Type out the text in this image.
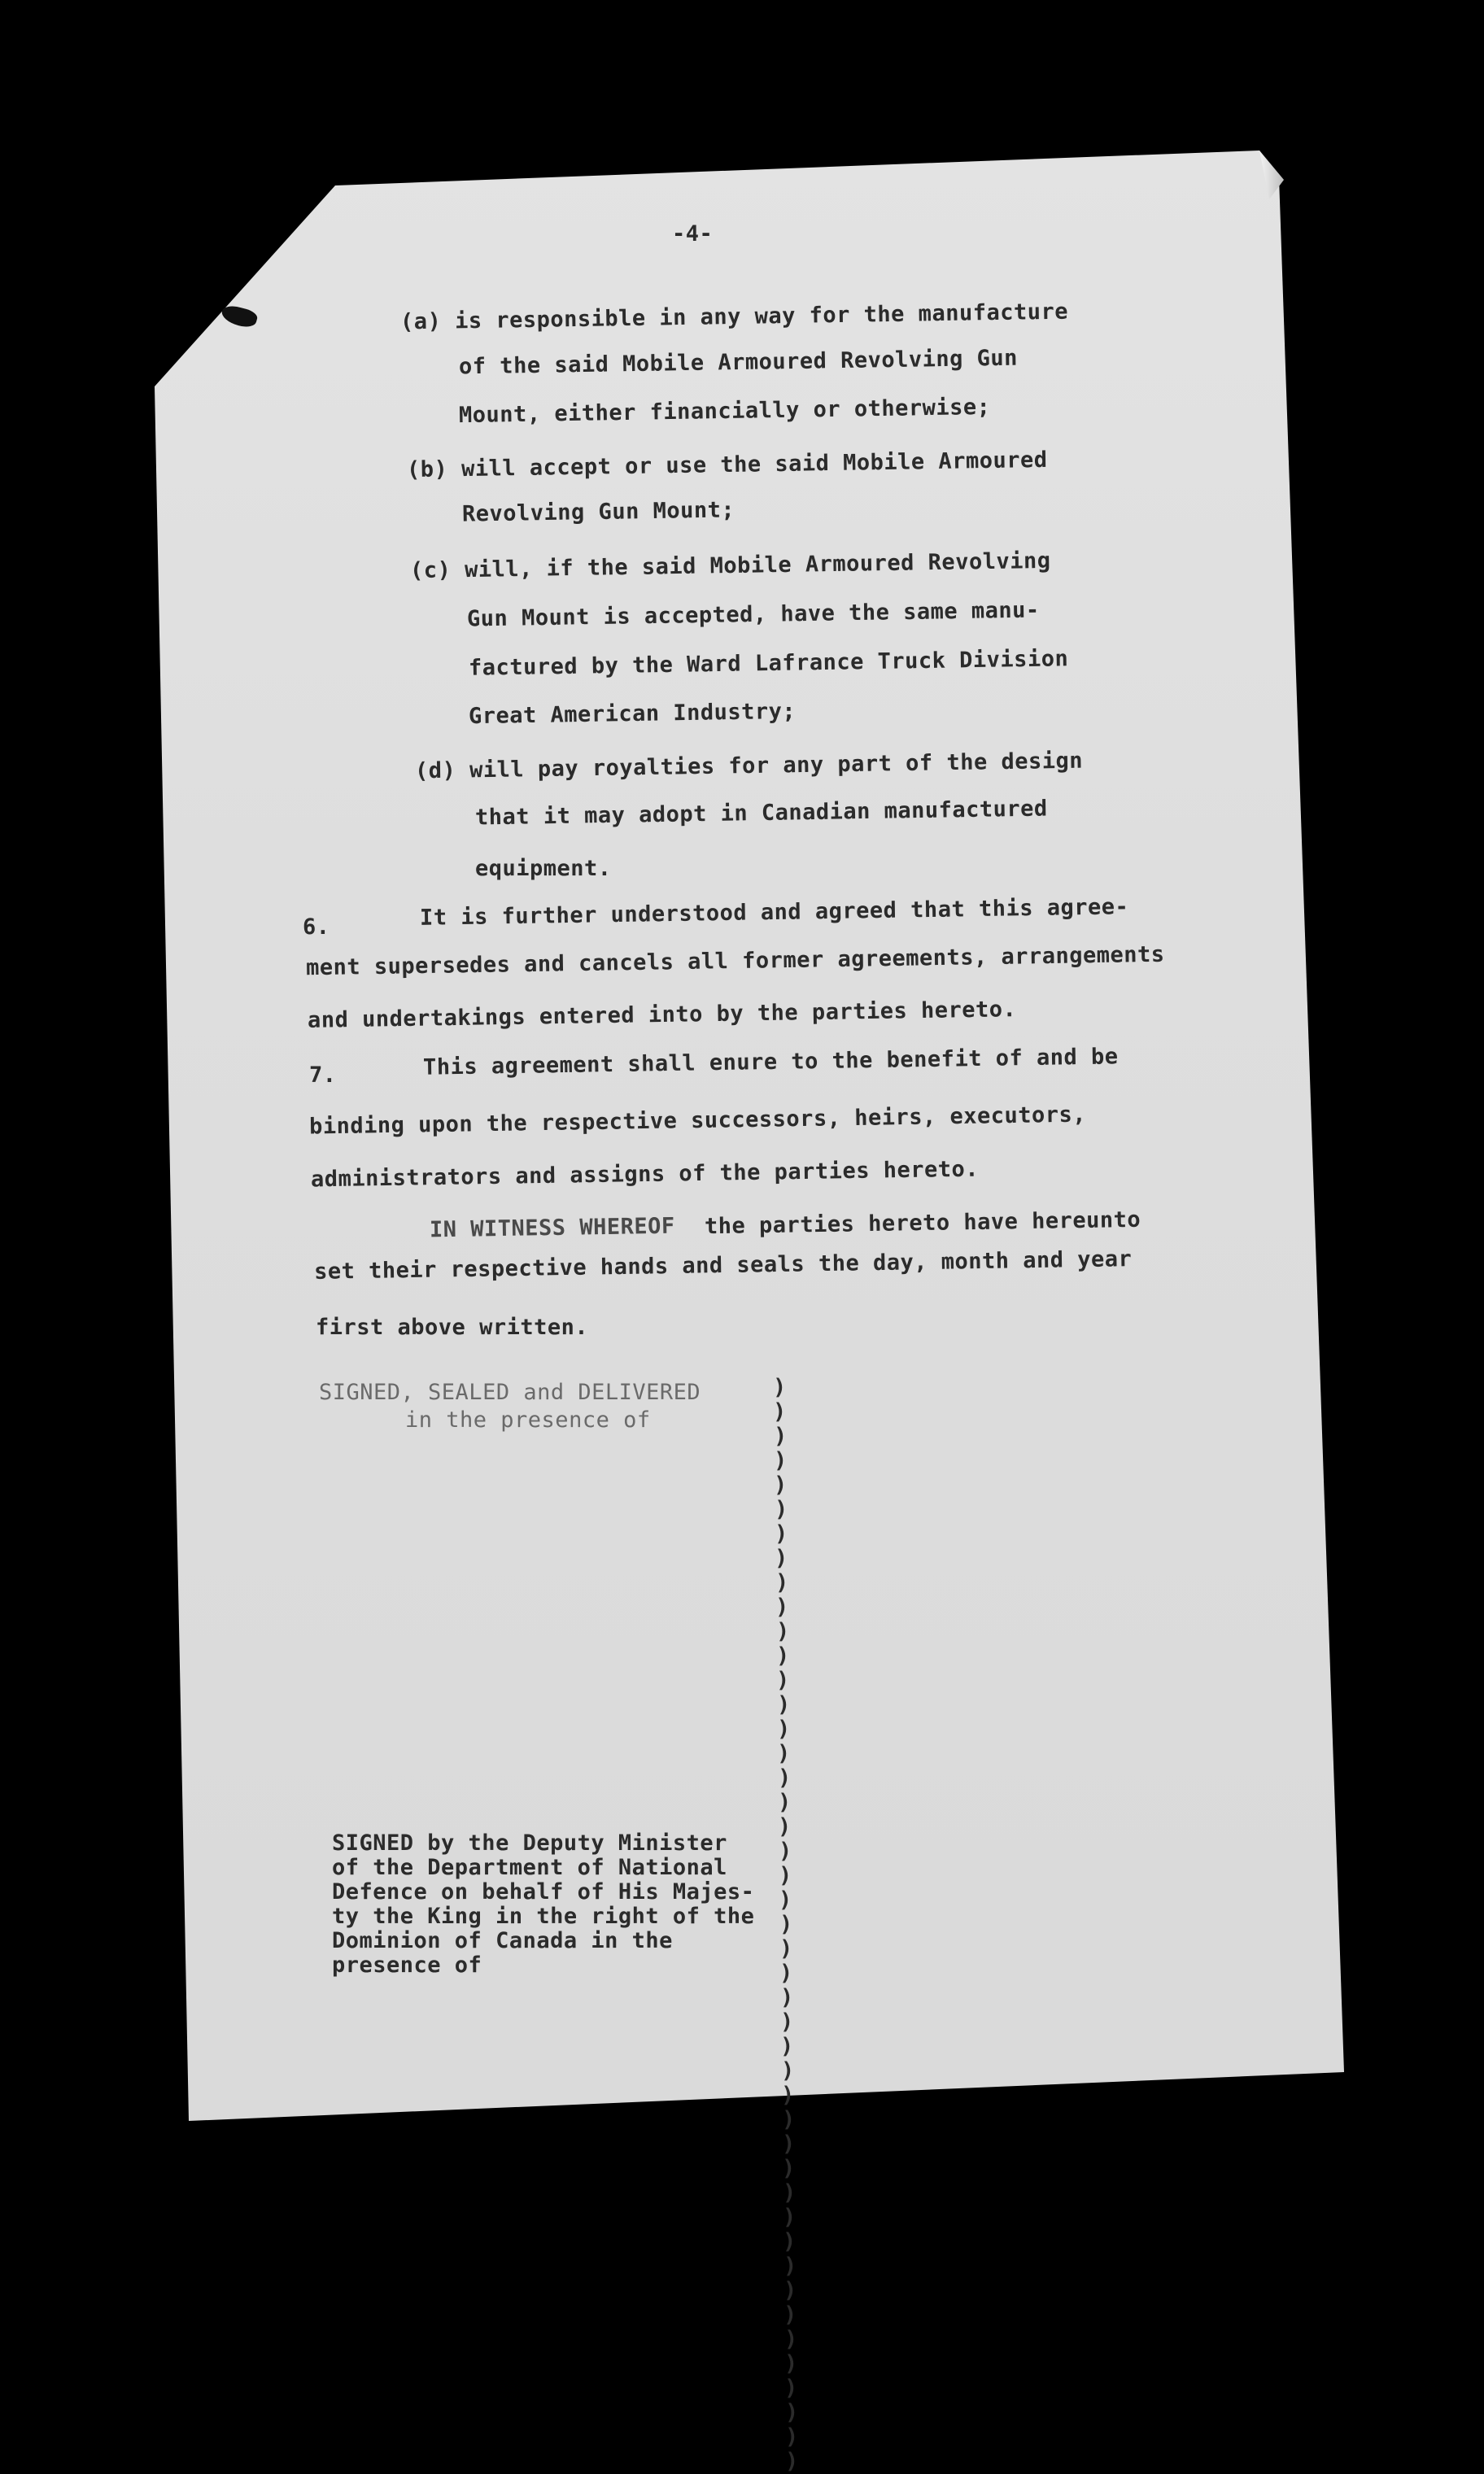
-4-
(a) is responsible in any way for the manufacture
of the said Mobile Armoured Revolving Gun
Mount, either financially or otherwise;
(b) will accept or use the said Mobile Armoured
Revolving Gun Mount;
(c) will, if the said Mobile Armoured Revolving
Gun Mount is accepted, have the same manu-
factured by the Ward Lafrance Truck Division
Great American Industry;
(d) will pay royalties for any part of the design
that it may adopt in Canadian manufactured
equipment.
6.	It is further understood and agreed that this agree-
ment supersedes and cancels all former agreements, arrangements
and undertakings entered into by the parties hereto.
7.	This agreement shall enure to the benefit of and be
binding upon the respective successors, heirs, executors,
administrators and assigns of the parties hereto.
IN WITNESS WHEREOF the parties hereto have hereunto
set their respective hands and seals the day, month and year
first above written.
SIGNED, SEALED and DELIVERED
in the presence of
SIGNED by the Deputy Minister
of the Department of National
Defence on behalf of His Majes-
ty the King in the right of the
Dominion of Canada in the
presence of
)
)
)
)
)
)
)
)
)
)
)
)
)
)
)
)
)
)
)
)
)
)
)
)
)
)
)
)
)
)
)
)
)
)
)
)
)
)
)
)
)
)
)
)
)
